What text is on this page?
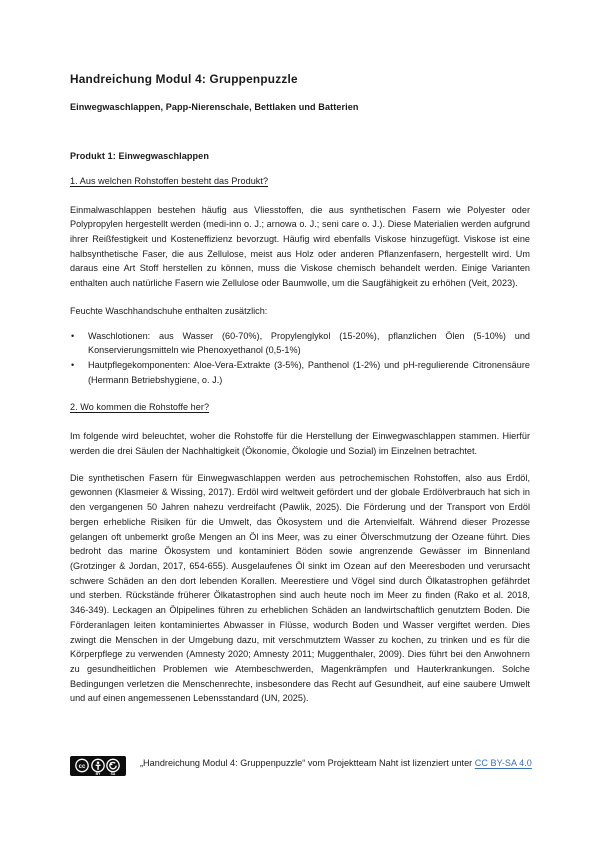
Handreichung Modul 4: Gruppenpuzzle
Einwegwaschlappen, Papp-Nierenschale, Bettlaken und Batterien
Produkt 1: Einwegwaschlappen
1. Aus welchen Rohstoffen besteht das Produkt?

Einmalwaschlappen bestehen häufig aus Vliesstoffen, die aus synthetischen Fasern wie Polyester oder Polypropylen hergestellt werden (medi-inn o. J.; arnowa o. J.; seni care o. J.). Diese Materialien werden aufgrund ihrer Reißfestigkeit und Kosteneffizienz bevorzugt. Häufig wird ebenfalls Viskose hinzugefügt. Viskose ist eine halbsynthetische Faser, die aus Zellulose, meist aus Holz oder anderen Pflanzenfasern, hergestellt wird. Um daraus eine Art Stoff herstellen zu können, muss die Viskose chemisch behandelt werden. Einige Varianten enthalten auch natürliche Fasern wie Zellulose oder Baumwolle, um die Saugfähigkeit zu erhöhen (Veit, 2023).

Feuchte Waschhandschuhe enthalten zusätzlich:

• Waschlotionen: aus Wasser (60-70%), Propylenglykol (15-20%), pflanzlichen Ölen (5-10%) und Konservierungsmitteln wie Phenoxyethanol (0,5-1%)
• Hautpflegekomponenten: Aloe-Vera-Extrakte (3-5%), Panthenol (1-2%) und pH-regulierende Citronensäure (Hermann Betriebshygiene, o. J.)
2. Wo kommen die Rohstoffe her?

Im folgende wird beleuchtet, woher die Rohstoffe für die Herstellung der Einwegwaschlappen stammen. Hierfür werden die drei Säulen der Nachhaltigkeit (Ökonomie, Ökologie und Sozial) im Einzelnen betrachtet.

Die synthetischen Fasern für Einwegwaschlappen werden aus petrochemischen Rohstoffen, also aus Erdöl, gewonnen (Klasmeier & Wissing, 2017). Erdöl wird weltweit gefördert und der globale Erdölverbrauch hat sich in den vergangenen 50 Jahren nahezu verdreifacht (Pawlik, 2025). Die Förderung und der Transport von Erdöl bergen erhebliche Risiken für die Umwelt, das Ökosystem und die Artenvielfalt. Während dieser Prozesse gelangen oft unbemerkt große Mengen an Öl ins Meer, was zu einer Ölverschmutzung der Ozeane führt. Dies bedroht das marine Ökosystem und kontaminiert Böden sowie angrenzende Gewässer im Binnenland (Grotzinger & Jordan, 2017, 654-655). Ausgelaufenes Öl sinkt im Ozean auf den Meeresboden und verursacht schwere Schäden an den dort lebenden Korallen. Meerestiere und Vögel sind durch Ölkatastrophen gefährdet und sterben. Rückstände früherer Ölkatastrophen sind auch heute noch im Meer zu finden (Rako et al. 2018, 346-349). Leckagen an Ölpipelines führen zu erheblichen Schäden an landwirtschaftlich genutztem Boden. Die Förderanlagen leiten kontaminiertes Abwasser in Flüsse, wodurch Boden und Wasser vergiftet werden. Dies zwingt die Menschen in der Umgebung dazu, mit verschmutztem Wasser zu kochen, zu trinken und es für die Körperpflege zu verwenden (Amnesty 2020; Amnesty 2011; Muggenthaler, 2009). Dies führt bei den Anwohnern zu gesundheitlichen Problemen wie Atembeschwerden, Magenkrämpfen und Hauterkrankungen. Solche Bedingungen verletzen die Menschenrechte, insbesondere das Recht auf Gesundheit, auf eine saubere Umwelt und auf einen angemessenen Lebensstandard (UN, 2025).

cc
BY	SA
„Handreichung Modul 4: Gruppenpuzzle“ vom Projektteam Naht ist lizenziert unter CC BY-SA 4.0
